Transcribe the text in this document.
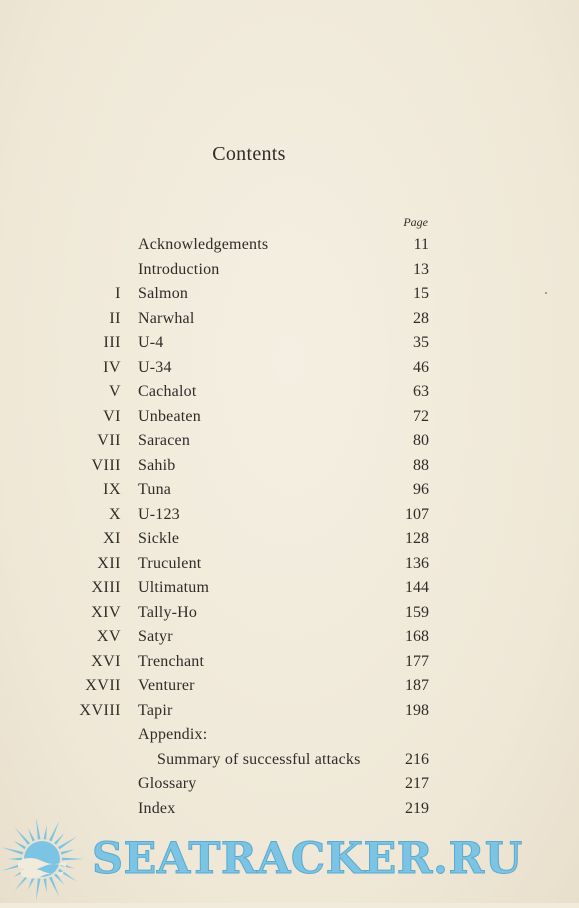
Contents
Page
Acknowledgements	11
Introduction	13
I Salmon	15
II Narwhal	28
III U-4	35
IV U-34	46
V Cachalot	63
VI Unbeaten	72
VII Saracen	80
VIII Sahib	88
IX Tuna	96
X U-123	107
XI Sickle	128
XII Truculent	136
XIII Ultimatum	144
XIV Tally-Ho	159
XV Satyr	168
XVI Trenchant	177
XVII Venturer	187
XVIII Tapir	198
Appendix:
Summary of successful attacks	216
Glossary	217
Index	219
SEATRACKER.RU
